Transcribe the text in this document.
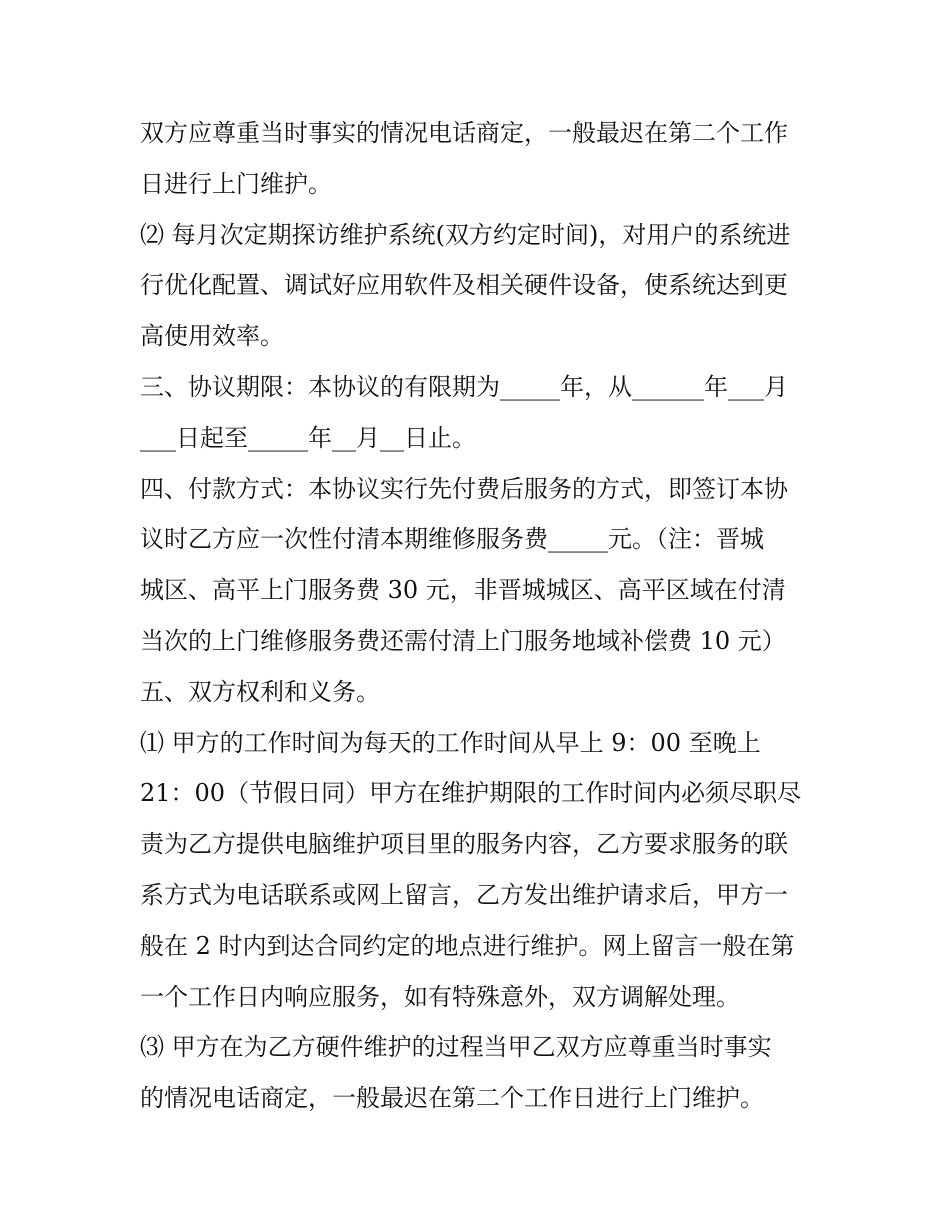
双方应尊重当时事实的情况电话商定，一般最迟在第二个工作
日进行上门维护。
⑵ 每月次定期探访维护系统(双方约定时间)，对用户的系统进
行优化配置、调试好应用软件及相关硬件设备，使系统达到更
高使用效率。
三、协议期限：本协议的有限期为_____年，从______年___月
___日起至_____年__月__日止。
四、付款方式：本协议实行先付费后服务的方式，即签订本协
议时乙方应一次性付清本期维修服务费_____元。（注：晋城
城区、高平上门服务费 30 元，非晋城城区、高平区域在付清
当次的上门维修服务费还需付清上门服务地域补偿费 10 元）
五、双方权利和义务。
⑴ 甲方的工作时间为每天的工作时间从早上 9：00 至晚上
21：00（节假日同）甲方在维护期限的工作时间内必须尽职尽
责为乙方提供电脑维护项目里的服务内容，乙方要求服务的联
系方式为电话联系或网上留言，乙方发出维护请求后，甲方一
般在 2 时内到达合同约定的地点进行维护。网上留言一般在第
一个工作日内响应服务，如有特殊意外，双方调解处理。
⑶ 甲方在为乙方硬件维护的过程当甲乙双方应尊重当时事实
的情况电话商定，一般最迟在第二个工作日进行上门维护。
